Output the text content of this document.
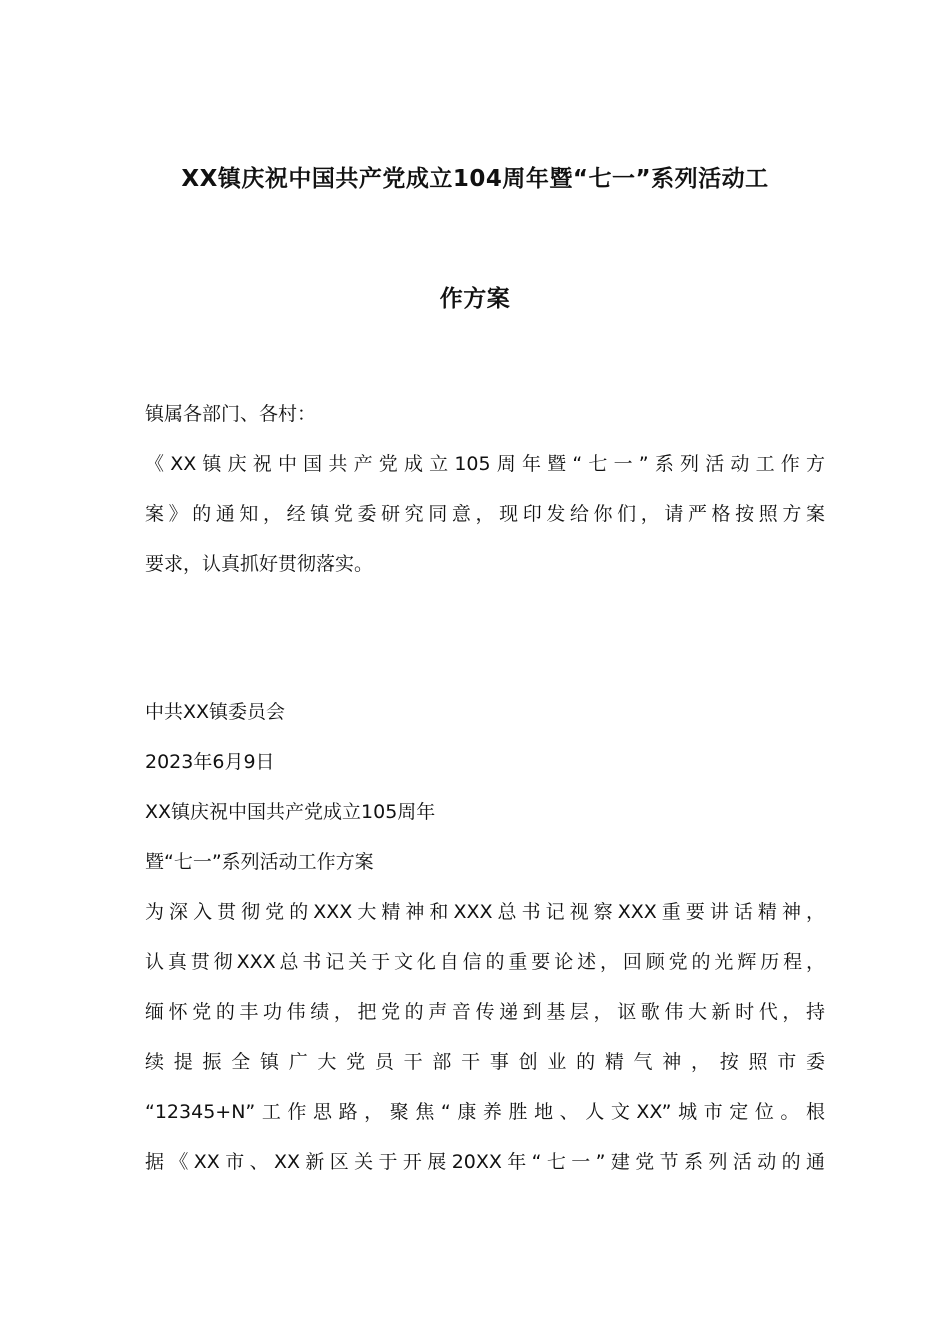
XX镇庆祝中国共产党成立104周年暨“七一”系列活动工
作方案
镇属各部门、各村：
《XX镇庆祝中国共产党成立105周年暨“七一”系列活动工作方
案》的通知，经镇党委研究同意，现印发给你们，请严格按照方案
要求，认真抓好贯彻落实。
中共XX镇委员会
2023年6月9日
XX镇庆祝中国共产党成立105周年
暨“七一”系列活动工作方案
为深入贯彻党的XXX大精神和XXX总书记视察XXX重要讲话精神，
认真贯彻XXX总书记关于文化自信的重要论述，回顾党的光辉历程，
缅怀党的丰功伟绩，把党的声音传递到基层，讴歌伟大新时代，持
续提振全镇广大党员干部干事创业的精气神，按照市委
“12345+N”工作思路，聚焦“康养胜地、人文XX”城市定位。根
据《XX市、XX新区关于开展20XX年“七一”建党节系列活动的通
